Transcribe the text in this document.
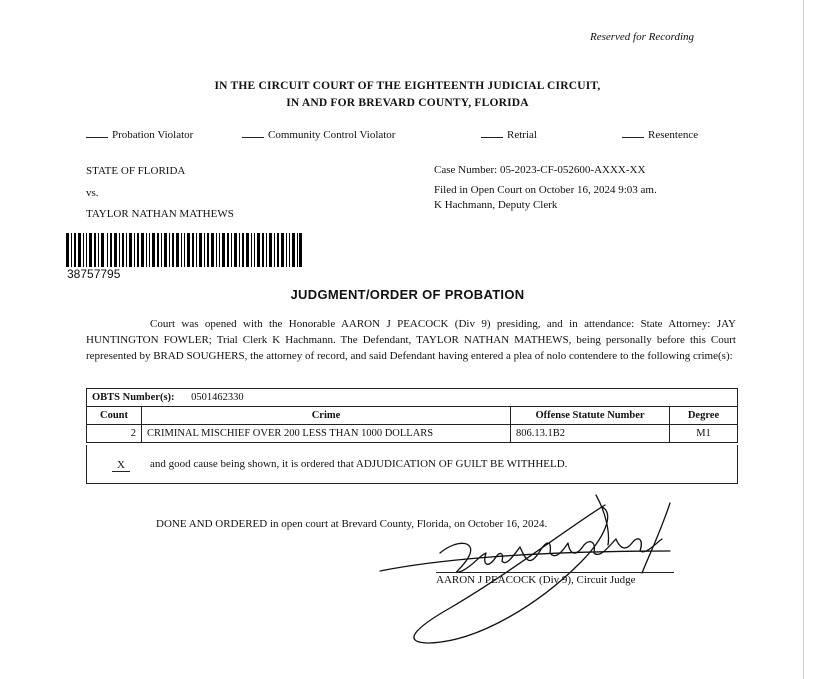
Reserved for Recording
IN THE CIRCUIT COURT OF THE EIGHTEENTH JUDICIAL CIRCUIT,
IN AND FOR BREVARD COUNTY, FLORIDA
Probation Violator	Community Control Violator	Retrial	Resentence
STATE OF FLORIDA
vs.
TAYLOR NATHAN MATHEWS
Case Number: 05-2023-CF-052600-AXXX-XX
Filed in Open Court on October 16, 2024 9:03 am.
K Hachmann, Deputy Clerk
38757795
JUDGMENT/ORDER OF PROBATION
Court was opened with the Honorable AARON J PEACOCK (Div 9) presiding, and in attendance: State Attorney: JAY HUNTINGTON FOWLER; Trial Clerk K Hachmann. The Defendant, TAYLOR NATHAN MATHEWS, being personally before this Court represented by BRAD SOUGHERS, the attorney of record, and said Defendant having entered a plea of nolo contendere to the following crime(s):
OBTS Number(s): 0501462330			
Count	Crime	Offense Statute Number	Degree
2	CRIMINAL MISCHIEF OVER 200 LESS THAN 1000 DOLLARS	806.13.1B2	M1
X	and good cause being shown, it is ordered that ADJUDICATION OF GUILT BE WITHHELD.
DONE AND ORDERED in open court at Brevard County, Florida, on October 16, 2024.
AARON J PEACOCK (Div 9), Circuit Judge
